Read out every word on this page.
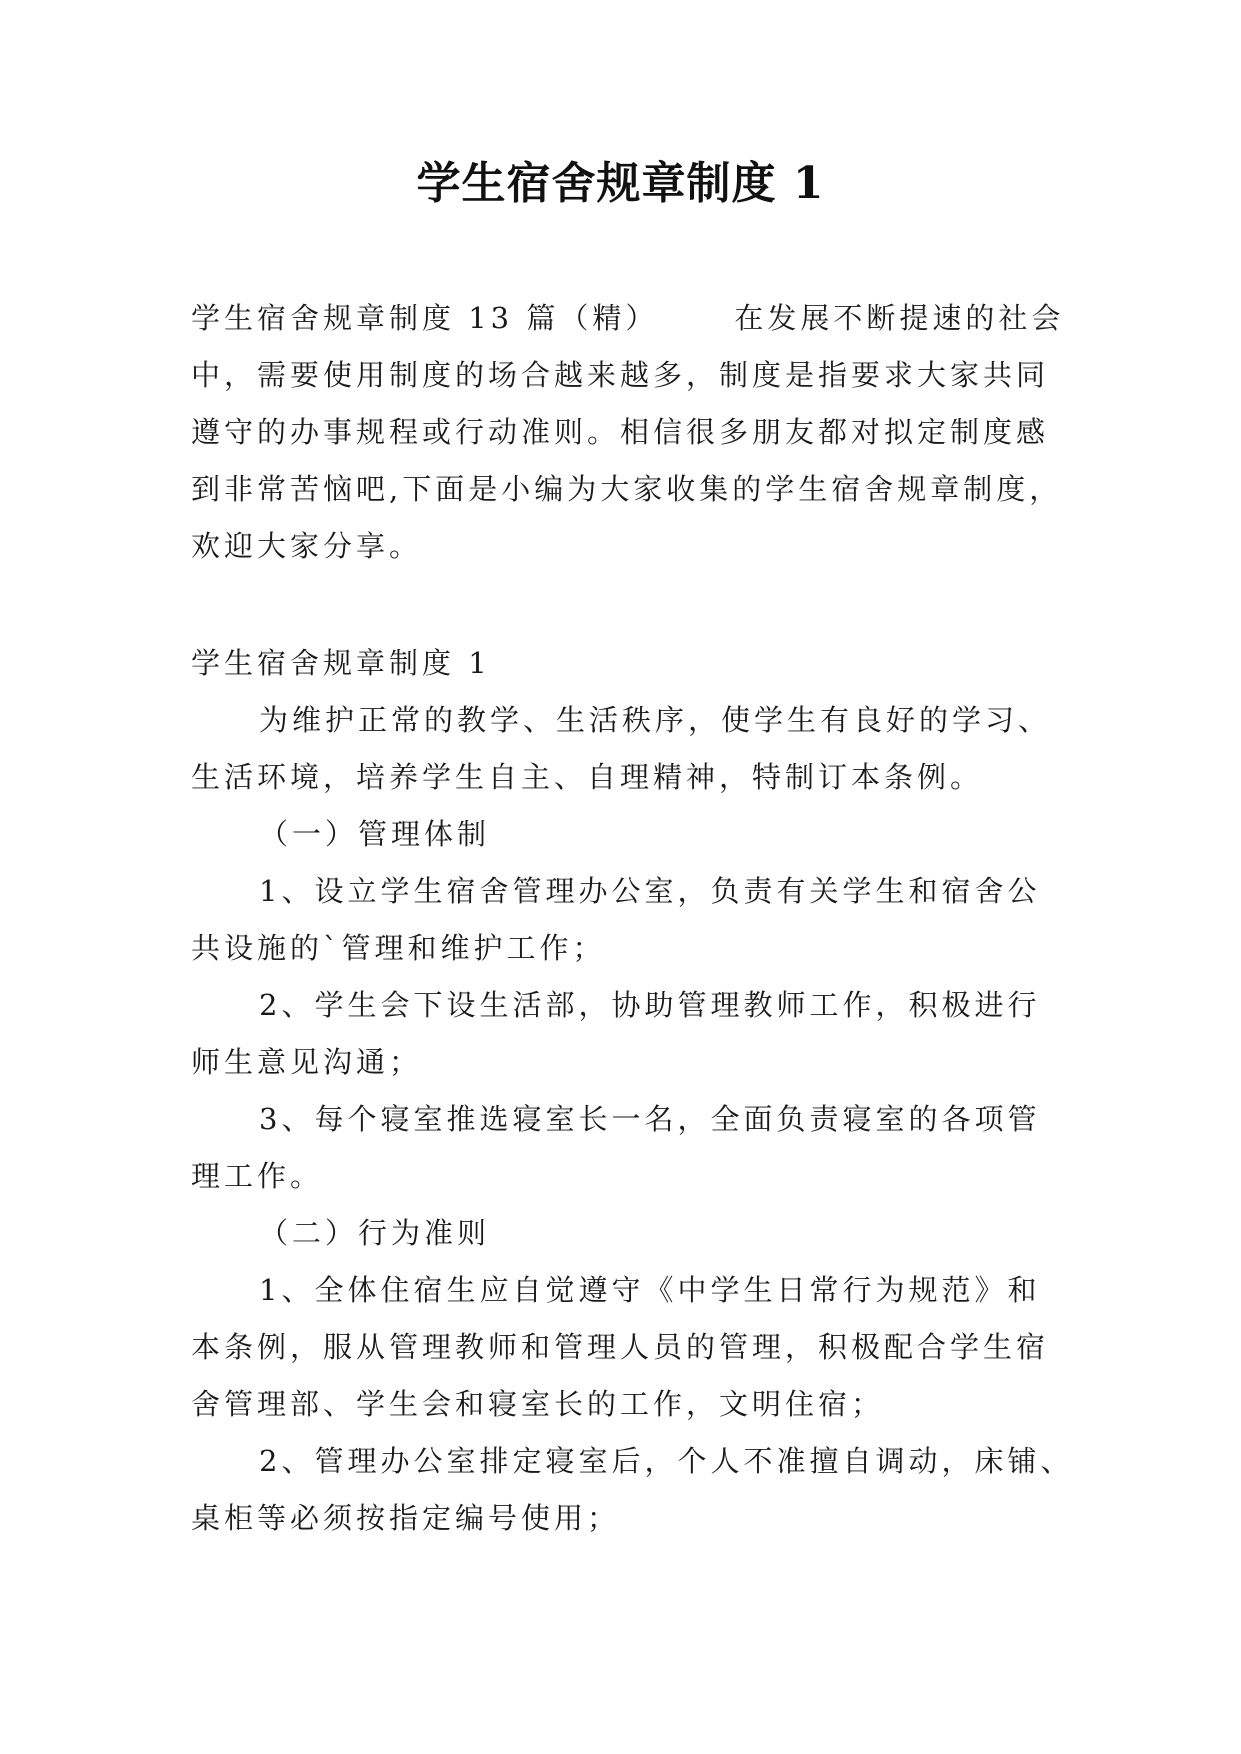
学生宿舍规章制度 1
学生宿舍规章制度 13 篇（精）	在发展不断提速的社会
中，需要使用制度的场合越来越多，制度是指要求大家共同
遵守的办事规程或行动准则。相信很多朋友都对拟定制度感
到非常苦恼吧,下面是小编为大家收集的学生宿舍规章制度，
欢迎大家分享。
学生宿舍规章制度 1
为维护正常的教学、生活秩序，使学生有良好的学习、
生活环境，培养学生自主、自理精神，特制订本条例。
（一）管理体制
1、设立学生宿舍管理办公室，负责有关学生和宿舍公
共设施的`管理和维护工作；
2、学生会下设生活部，协助管理教师工作，积极进行
师生意见沟通；
3、每个寝室推选寝室长一名，全面负责寝室的各项管
理工作。
（二）行为准则
1、全体住宿生应自觉遵守《中学生日常行为规范》和
本条例，服从管理教师和管理人员的管理，积极配合学生宿
舍管理部、学生会和寝室长的工作，文明住宿；
2、管理办公室排定寝室后，个人不准擅自调动，床铺、
桌柜等必须按指定编号使用；
